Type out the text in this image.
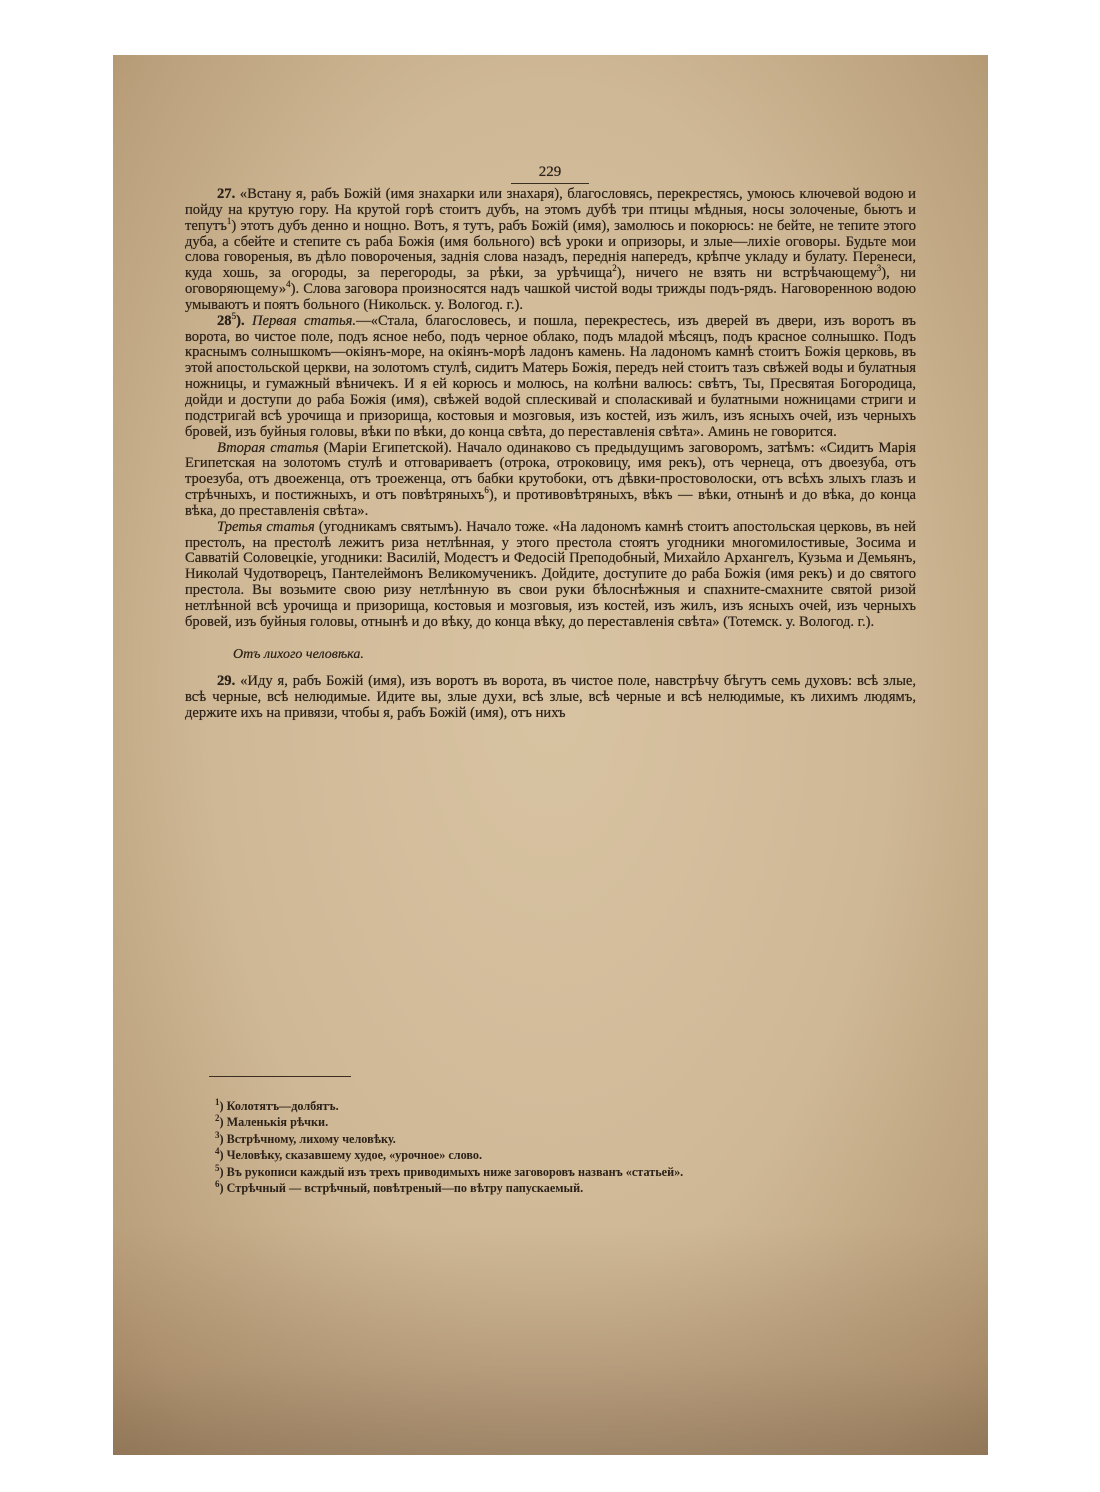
229

27. «Встану я, рабъ Божій (имя знахарки или знахаря), благословясь, перекрестясь, умоюсь ключевой водою и пойду на крутую гору. На крутой горѣ стоитъ дубъ, на этомъ дубѣ три птицы мѣдныя, носы золоченые, бьютъ и тепутъ$^1$) этотъ дубъ денно и нощно. Вотъ, я тутъ, рабъ Божій (имя), замолюсь и покорюсь: не бейте, не тепите этого дуба, а сбейте и степите съ раба Божія (имя больного) всѣ уроки и опризоры, и злые—лихіе оговоры. Будьте мои слова говореныя, въ дѣло повороченыя, заднія слова назадъ, переднія напередъ, крѣпче укладу и булату. Перенеси, куда хошь, за огороды, за перегороды, за рѣки, за урѣчища$^2$), ничего не взять ни встрѣчающему$^3$), ни оговоряющему»$^4$). Слова заговора произносятся надъ чашкой чистой воды трижды подъ-рядъ. Наговоренною водою умываютъ и поятъ больного (Никольск. у. Вологод. г.).

$28^5$). Первая статья.—«Стала, благословесь, и пошла, перекрестесь, изъ дверей въ двери, изъ воротъ въ ворота, во чистое поле, подъ ясное небо, подъ черное облако, подъ младой мѣсяцъ, подъ красное солнышко. Подъ краснымъ солнышкомъ—окіянъ-море, на окіянъ-морѣ ладонъ камень. На ладономъ камнѣ стоитъ Божія церковь, въ этой апостольской церкви, на золотомъ стулѣ, сидитъ Матерь Божія, передъ ней стоитъ тазъ свѣжей воды и булатныя ножницы, и гумажный вѣничекъ. И я ей корюсь и молюсь, на колѣни валюсь: свѣтъ, Ты, Пресвятая Богородица, дойди и доступи до раба Божія (имя), свѣжей водой сплескивай и споласкивай и булатными ножницами стриги и подстригай всѣ урочища и призорища, костовыя и мозговыя, изъ костей, изъ жилъ, изъ ясныхъ очей, изъ черныхъ бровей, изъ буйныя головы, вѣки по вѣки, до конца свѣта, до переставленія свѣта». Аминь не говорится.

Вторая статья (Маріи Египетской). Начало одинаково съ предыдущимъ заговоромъ, затѣмъ: «Сидитъ Марія Египетская на золотомъ стулѣ и отговариваетъ (отрока, отроковицу, имя рекъ), отъ чернеца, отъ двоезуба, отъ троезуба, отъ двоеженца, отъ троеженца, отъ бабки крутобоки, отъ дѣвки-простоволоски, отъ всѣхъ злыхъ глазъ и стрѣчныхъ, и постижныхъ, и отъ повѣтряныхъ$^6$), и противовѣтряныхъ, вѣкъ — вѣки, отнынѣ и до вѣка, до конца вѣка, до преставленія свѣта».

Третья статья (угодникамъ святымъ). Начало тоже. «На ладономъ камнѣ стоитъ апостольская церковь, въ ней престолъ, на престолѣ лежитъ риза нетлѣнная, у этого престола стоятъ угодники многомилостивые, Зосима и Савватій Соловецкіе, угодники: Василій, Модестъ и Федосій Преподобный, Михайло Архангелъ, Кузьма и Демьянъ, Николай Чудотворецъ, Пантелеймонъ Великомученикъ. Дойдите, доступите до раба Божія (имя рекъ) и до святого престола. Вы возьмите свою ризу нетлѣнную въ свои руки бѣлоснѣжныя и спахните-смахните святой ризой нетлѣнной всѣ урочища и призорища, костовыя и мозговыя, изъ костей, изъ жилъ, изъ ясныхъ очей, изъ черныхъ бровей, изъ буйныя головы, отнынѣ и до вѣку, до конца вѣку, до переставленія свѣта» (Тотемск. у. Вологод. г.).

Отъ лихого человѣка.

29. «Иду я, рабъ Божій (имя), изъ воротъ въ ворота, въ чистое поле, навстрѣчу бѣгутъ семь духовъ: всѣ злые, всѣ черные, всѣ нелюдимые. Идите вы, злые духи, всѣ злые, всѣ черные и всѣ нелюдимые, къ лихимъ людямъ, держите ихъ на привязи, чтобы я, рабъ Божій (имя), отъ нихъ

$^1$) Колотятъ—долбятъ.

$^2$) Маленькія рѣчки.

$^3$) Встрѣчному, лихому человѣку.

$^4$) Человѣку, сказавшему худое, «урочное» слово.

$^5$) Въ рукописи каждый изъ трехъ приводимыхъ ниже заговоровъ названъ «статьей».

$^6$) Стрѣчный — встрѣчный, повѣтреный—по вѣтру папускаемый.
